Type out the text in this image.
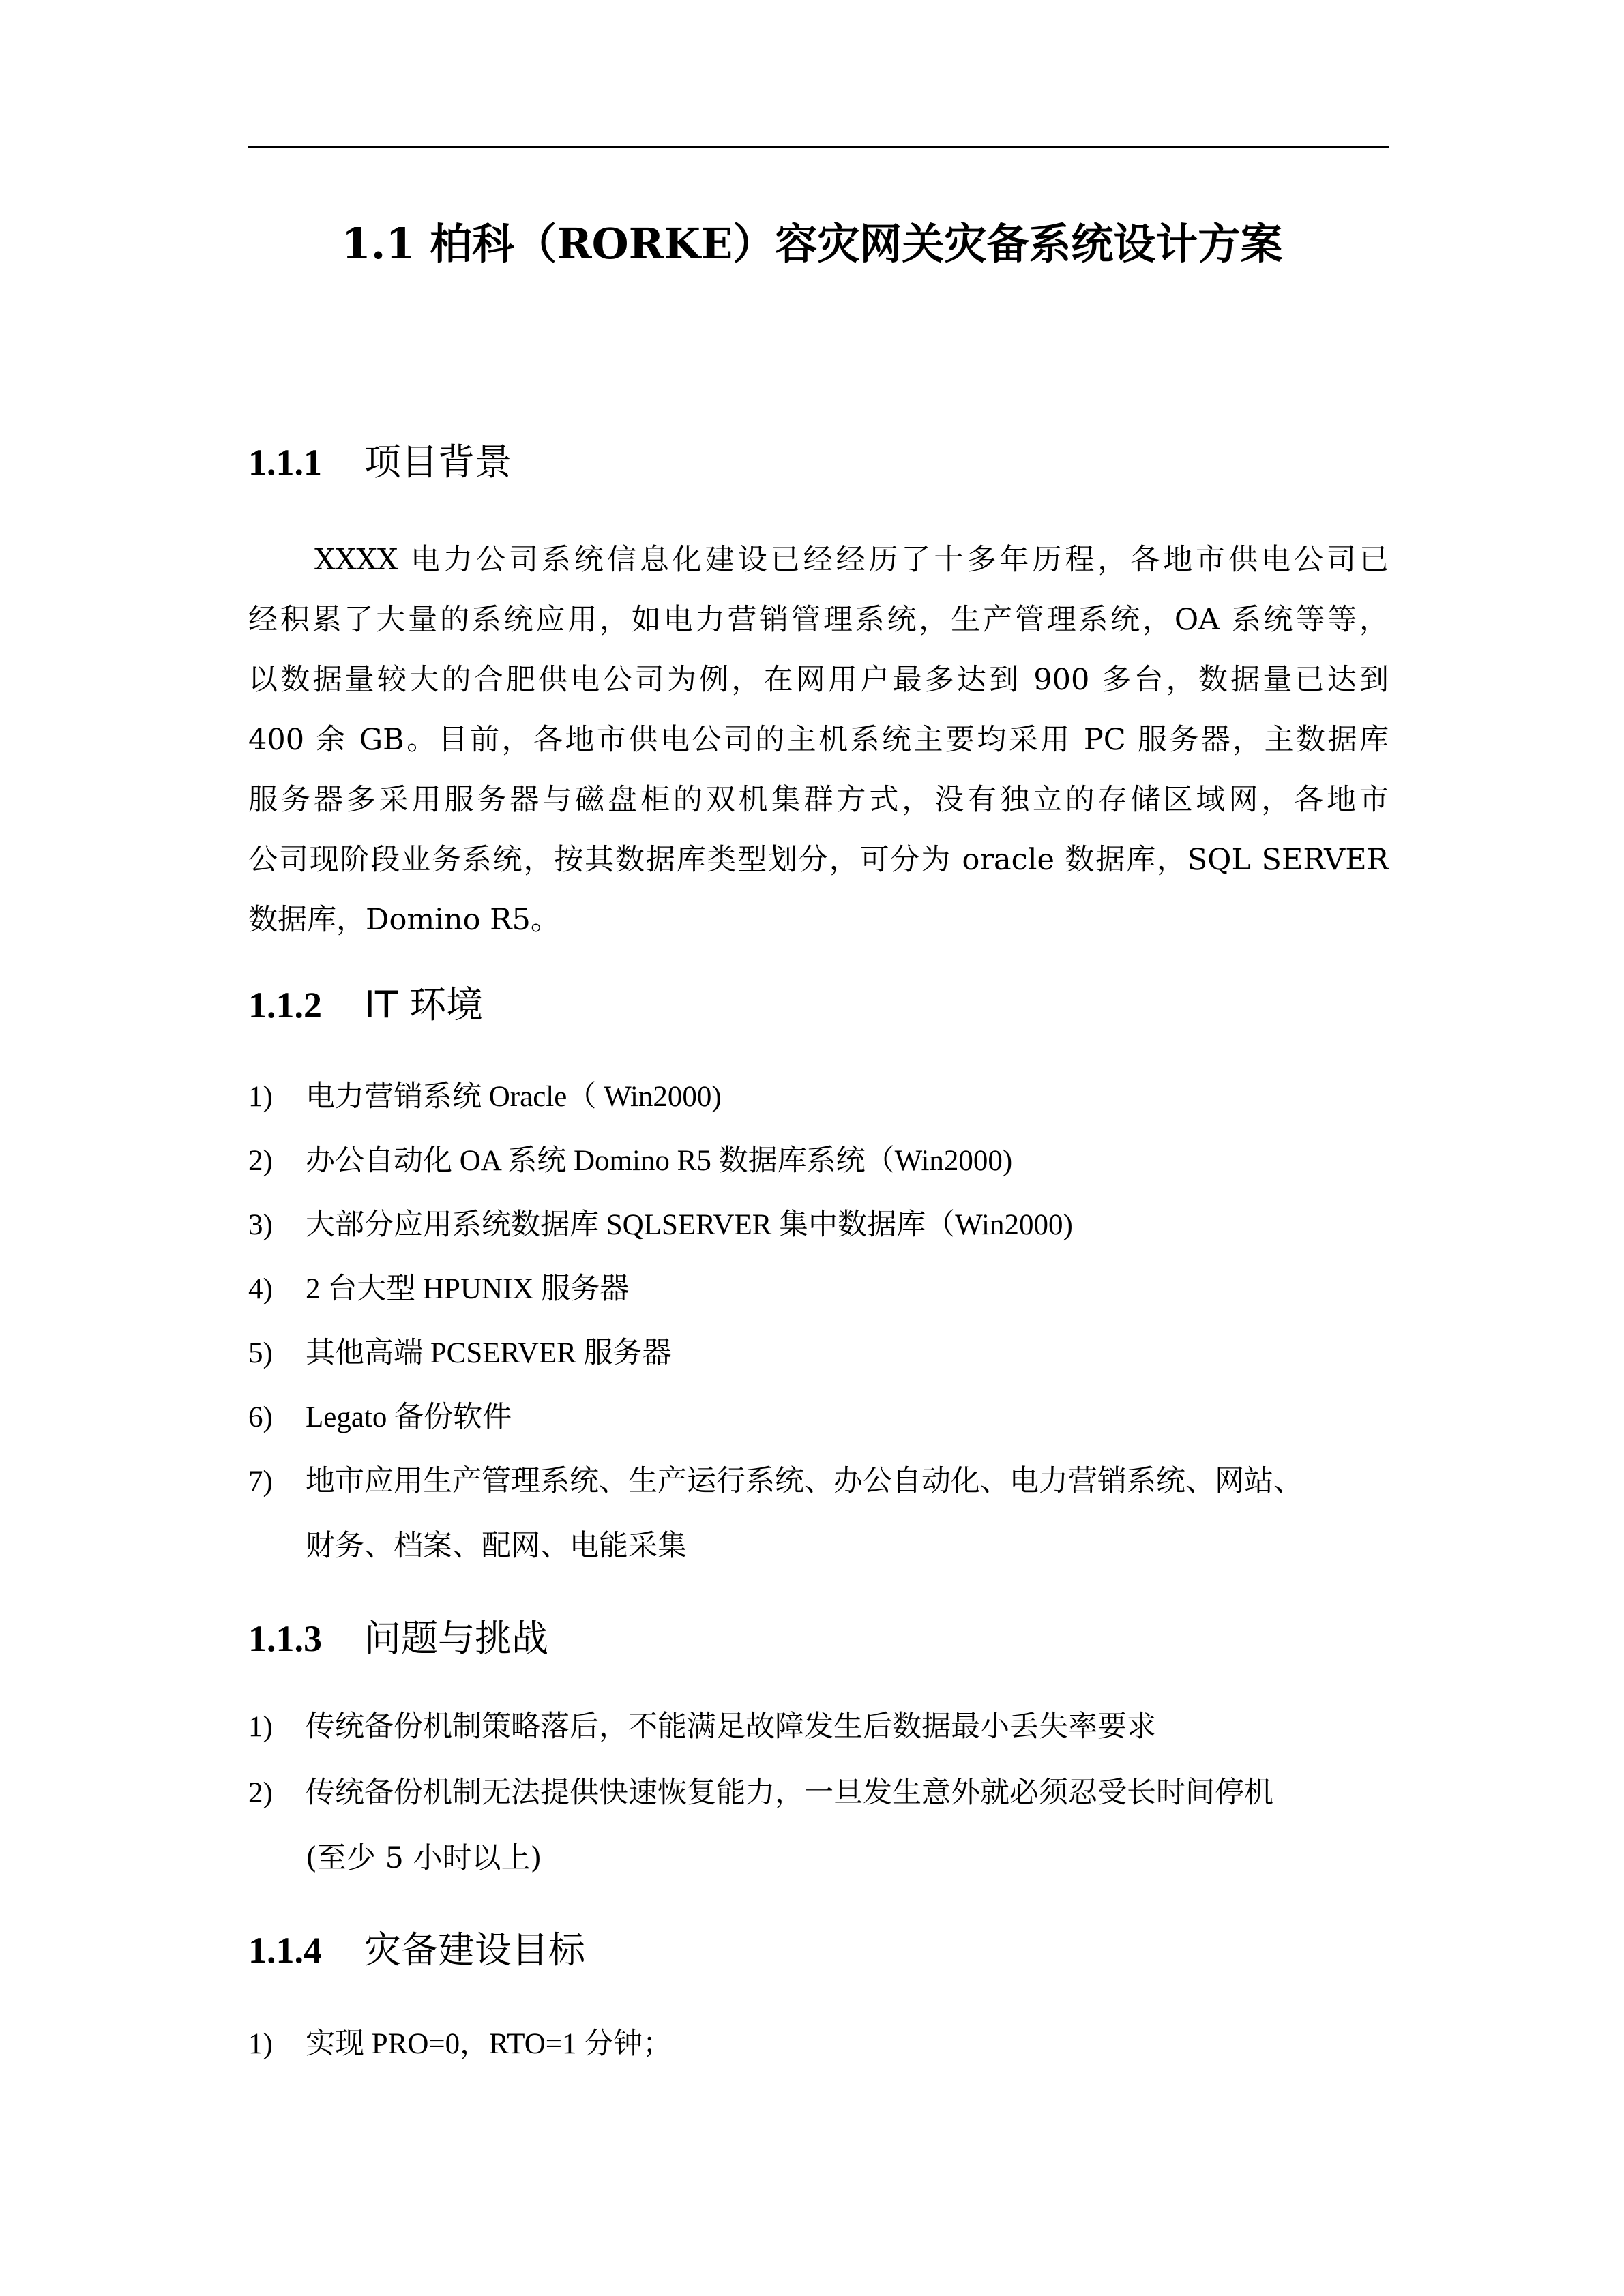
1.1 柏科（RORKE）容灾网关灾备系统设计方案
1.1.1 项目背景
XXXX 电力公司系统信息化建设已经经历了十多年历程，各地市供电公司已
经积累了大量的系统应用，如电力营销管理系统，生产管理系统，OA 系统等等，
以数据量较大的合肥供电公司为例，在网用户最多达到 900 多台，数据量已达到
400 余 GB。目前，各地市供电公司的主机系统主要均采用 PC 服务器，主数据库
服务器多采用服务器与磁盘柜的双机集群方式，没有独立的存储区域网，各地市
公司现阶段业务系统，按其数据库类型划分，可分为 oracle 数据库，SQL SERVER
数据库，Domino R5。
1.1.2 IT 环境
1) 电力营销系统 Oracle（ Win2000)
2) 办公自动化 OA 系统 Domino R5 数据库系统（Win2000)
3) 大部分应用系统数据库 SQLSERVER 集中数据库（Win2000)
4) 2 台大型 HPUNIX 服务器
5) 其他高端 PCSERVER 服务器
6) Legato 备份软件
7) 地市应用生产管理系统、生产运行系统、办公自动化、电力营销系统、网站、
财务、档案、配网、电能采集
1.1.3 问题与挑战
1) 传统备份机制策略落后，不能满足故障发生后数据最小丢失率要求
2) 传统备份机制无法提供快速恢复能力，一旦发生意外就必须忍受长时间停机
(至少 5 小时以上)
1.1.4 灾备建设目标
1) 实现 PRO=0，RTO=1 分钟；
